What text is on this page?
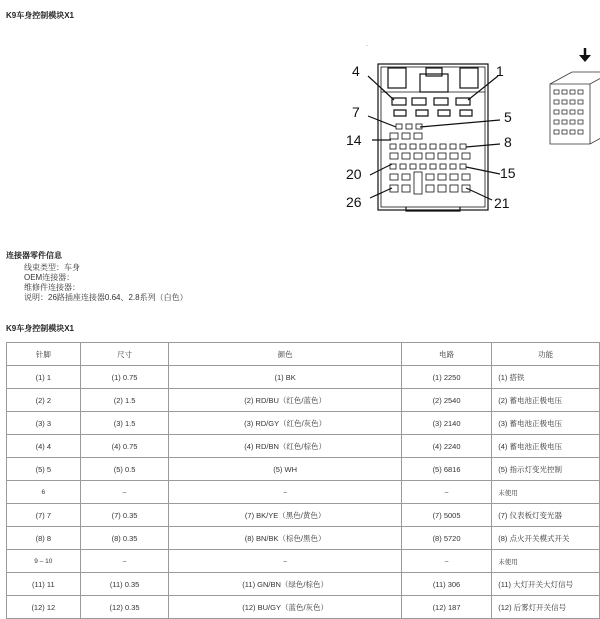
K9车身控制模块X1
·
4	1
7	5
14	8
20	15
26	21
连接器零件信息
线束类型：车身
OEM连接器：
维修件连接器：
说明：26路插座连接器0.64、2.8系列（白色）
K9车身控制模块X1
针脚	尺寸	颜色	电路	功能
(1) 1	(1) 0.75	(1) BK	(1) 2250	(1) 搭铁
(2) 2	(2) 1.5	(2) RD/BU（红色/蓝色）	(2) 2540	(2) 蓄电池正极电压
(3) 3	(3) 1.5	(3) RD/GY（红色/灰色）	(3) 2140	(3) 蓄电池正极电压
(4) 4	(4) 0.75	(4) RD/BN（红色/棕色）	(4) 2240	(4) 蓄电池正极电压
(5) 5	(5) 0.5	(5) WH	(5) 6816	(5) 指示灯变光控制
6	–	–	–	未使用
(7) 7	(7) 0.35	(7) BK/YE（黑色/黄色）	(7) 5005	(7) 仪表板灯变光器
(8) 8	(8) 0.35	(8) BN/BK（棕色/黑色）	(8) 5720	(8) 点火开关模式开关
9 – 10	–	–	–	未使用
(11) 11	(11) 0.35	(11) GN/BN（绿色/棕色）	(11) 306	(11) 大灯开关大灯信号
(12) 12	(12) 0.35	(12) BU/GY（蓝色/灰色）	(12) 187	(12) 后雾灯开关信号
